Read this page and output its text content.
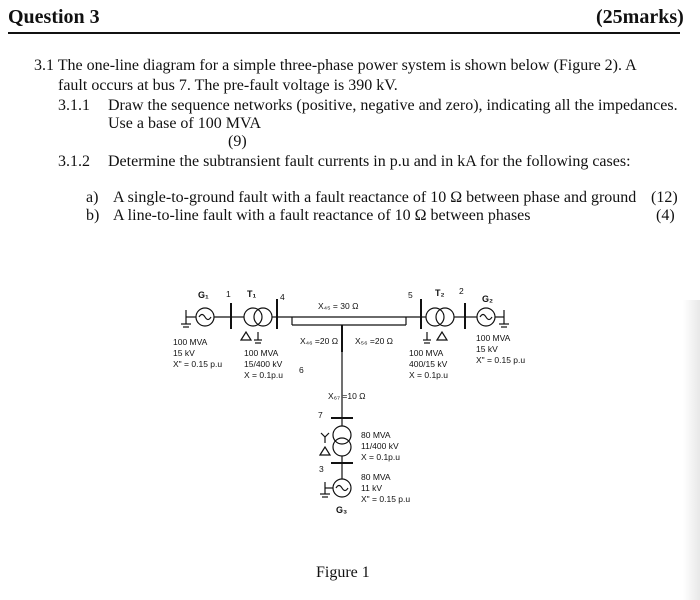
Question 3	(25marks)
3.1 The one-line diagram for a simple three-phase power system is shown below (Figure 2). A
fault occurs at bus 7. The pre-fault voltage is 390 kV.
3.1.1 Draw the sequence networks (positive, negative and zero), indicating all the impedances.
Use a base of 100 MVA
(9)
3.1.2 Determine the subtransient fault currents in p.u and in kA for the following cases:
a) A single-to-ground fault with a fault reactance of 10 Ω between phase and ground (12)
b) A line-to-line fault with a fault reactance of 10 Ω between phases	(4)
G₁ 1 T₁	4
X₄₅ = 30 Ω
5 T₂ 2
G₂
X₄₆ =20 Ω X₅₆ =20 Ω
100 MVA
15 kV
X" = 0.15 p.u
100 MVA
15/400 kV
X = 0.1p.u 6
100 MVA
400/15 kV
X = 0.1p.u
100 MVA
15 kV
X" = 0.15 p.u
X₆₇ =10 Ω
7
3
80 MVA
11/400 kV
X = 0.1p.u
80 MVA
11 kV
X" = 0.15 p.u
G₃
Figure 1
